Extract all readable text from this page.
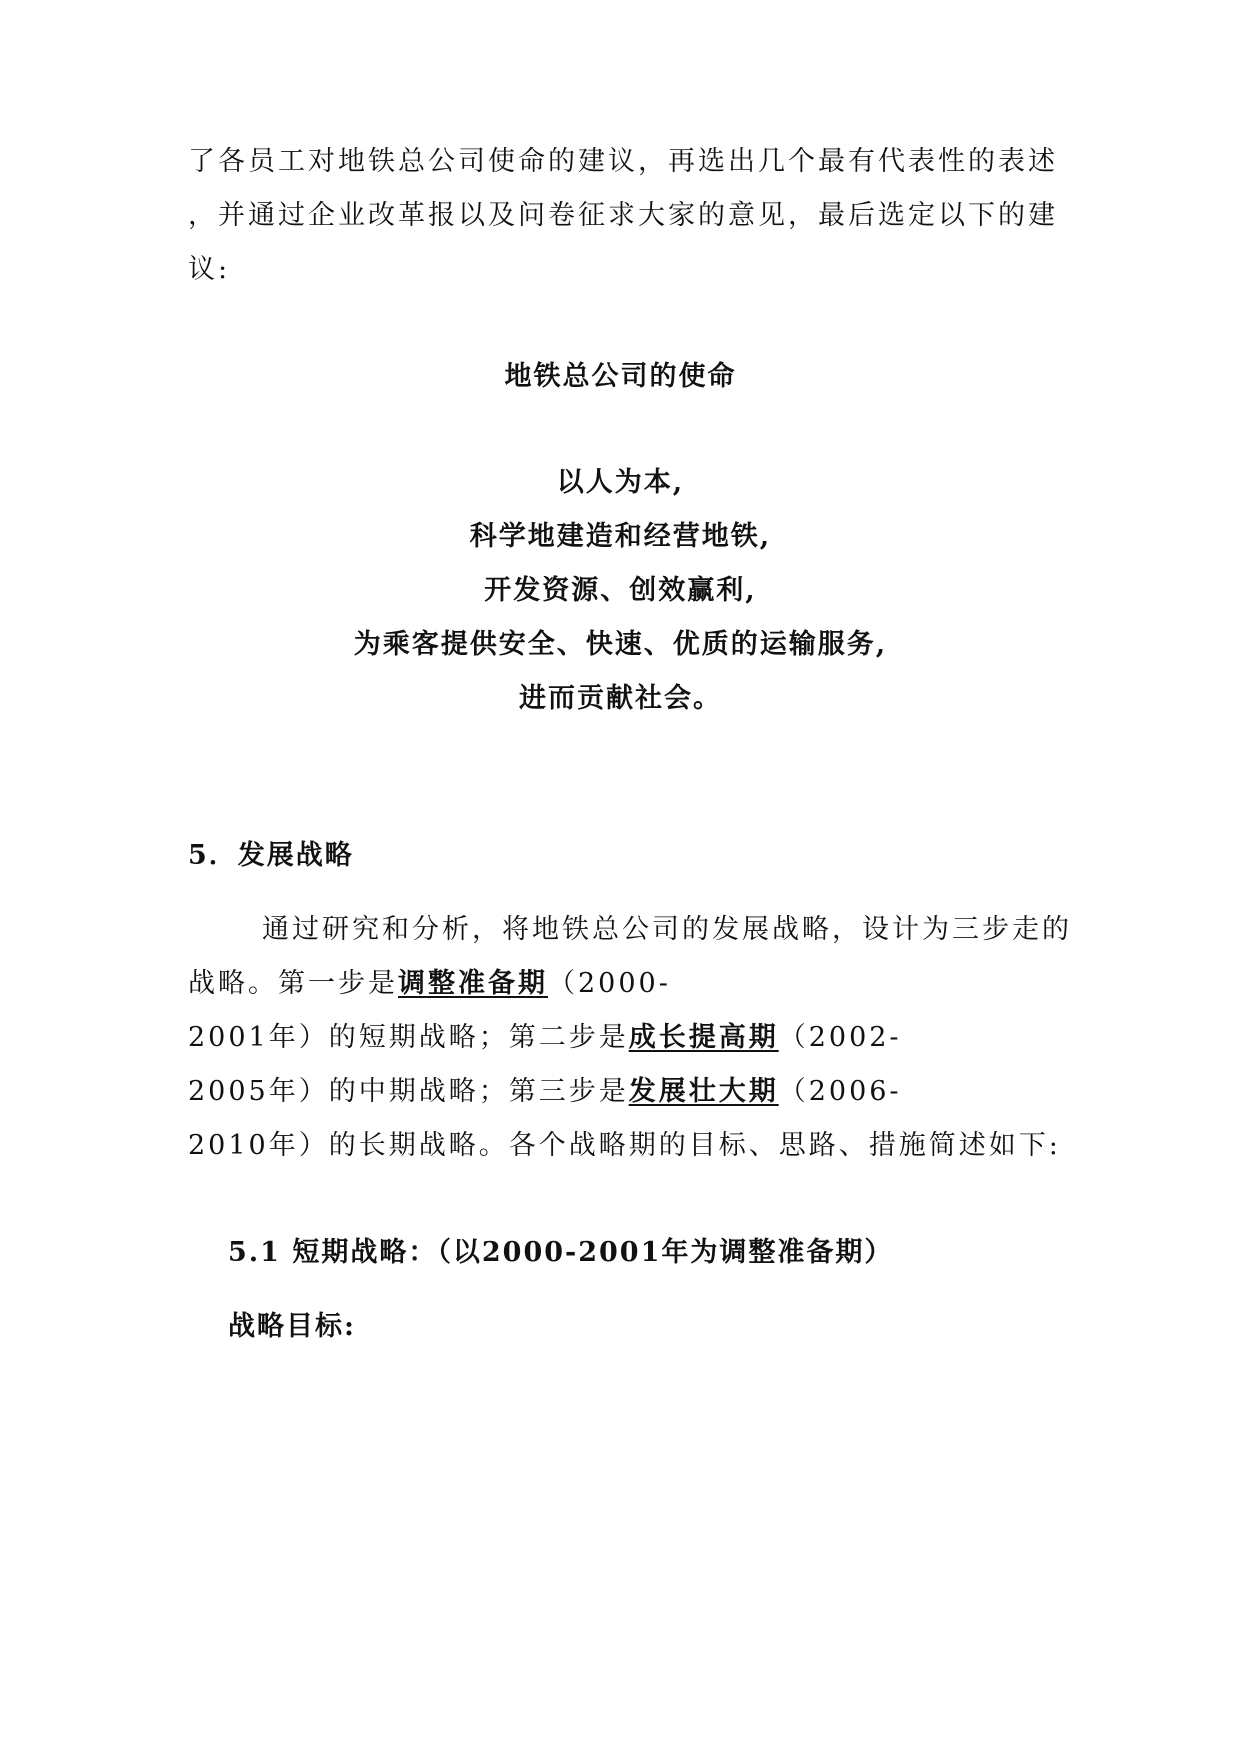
了各员工对地铁总公司使命的建议，再选出几个最有代表性的表述
，并通过企业改革报以及问卷征求大家的意见，最后选定以下的建
议:
地铁总公司的使命
以人为本,
科学地建造和经营地铁,
开发资源、创效赢利,
为乘客提供安全、快速、优质的运输服务,
进而贡献社会。
5．发展战略
通过研究和分析，将地铁总公司的发展战略，设计为三步走的
战略。第一步是调整准备期（2000-
2001年）的短期战略；第二步是成长提高期（2002-
2005年）的中期战略；第三步是发展壮大期（2006-
2010年）的长期战略。各个战略期的目标、思路、措施简述如下:
5.1 短期战略：（以2000-2001年为调整准备期）
战略目标:
